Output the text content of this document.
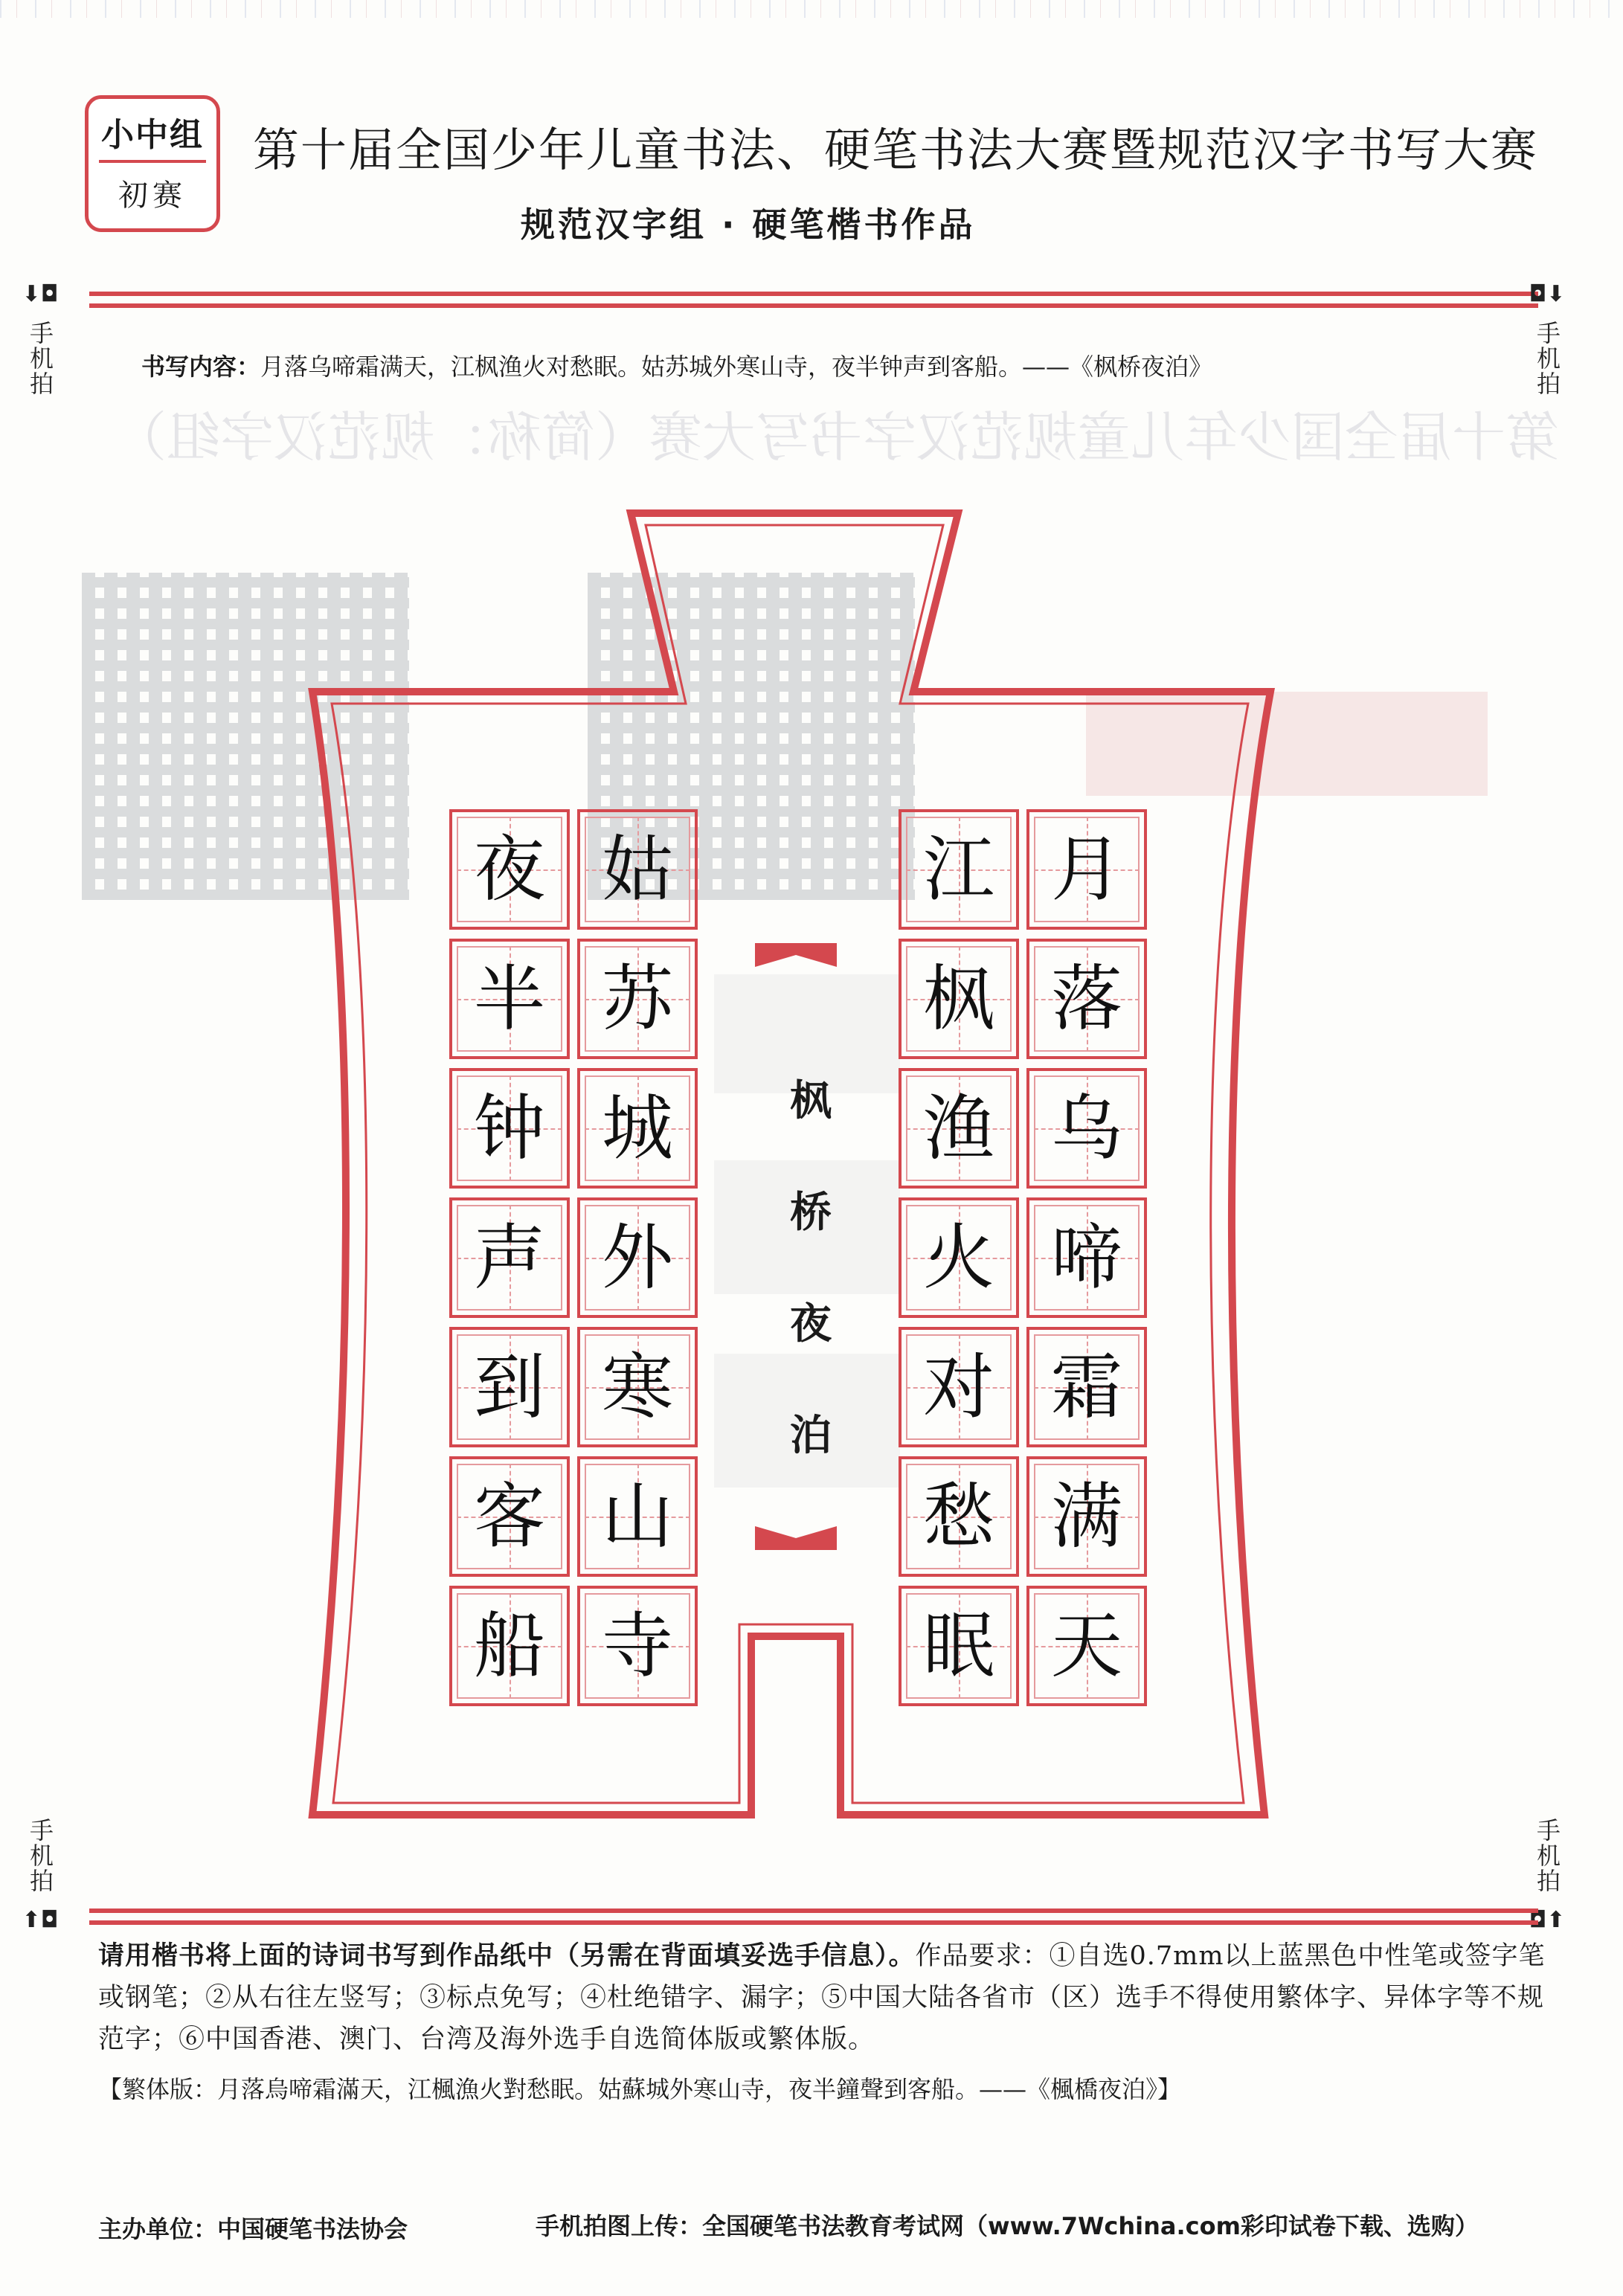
第十届全国少年儿童规范汉字书写大赛（简称：规范汉字组）
小中组
初赛
第十届全国少年儿童书法、硬笔书法大赛暨规范汉字书写大赛
规范汉字组 · 硬笔楷书作品
⬇◘
手机拍
◘⬇
手机拍
书写内容：月落乌啼霜满天，江枫渔火对愁眠。姑苏城外寒山寺，夜半钟声到客船。——《枫桥夜泊》
月
落
乌
啼
霜
满
天
江
枫
渔
火
对
愁
眠
枫
桥
夜
泊
姑
苏
城
外
寒
山
寺
夜
半
钟
声
到
客
船
手机拍
⬆◘
手机拍
◘⬆
请用楷书将上面的诗词书写到作品纸中（另需在背面填妥选手信息）。作品要求：①自选0.7mm以上蓝黑色中性笔或签字笔或钢笔；②从右往左竖写；③标点免写；④杜绝错字、漏字；⑤中国大陆各省市（区）选手不得使用繁体字、异体字等不规范字；⑥中国香港、澳门、台湾及海外选手自选简体版或繁体版。
【繁体版：月落烏啼霜滿天，江楓漁火對愁眠。姑蘇城外寒山寺，夜半鐘聲到客船。——《楓橋夜泊》】
主办单位：中国硬笔书法协会	手机拍图上传：全国硬笔书法教育考试网（www.7Wchina.com彩印试卷下载、选购）
